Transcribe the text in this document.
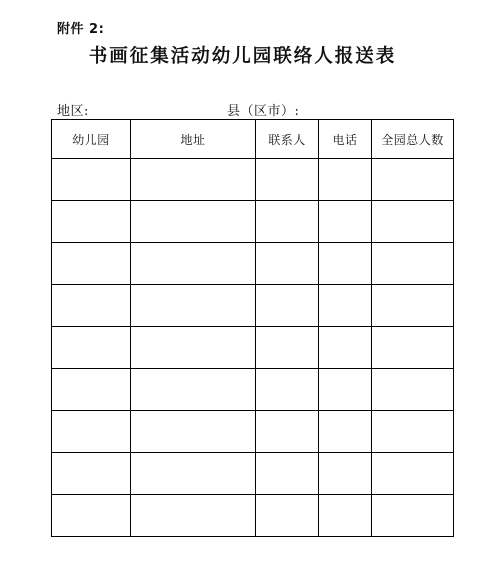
附件 2:
书画征集活动幼儿园联络人报送表
地区:	县（区市）:
幼儿园	地址	联系人	电话	全园总人数
